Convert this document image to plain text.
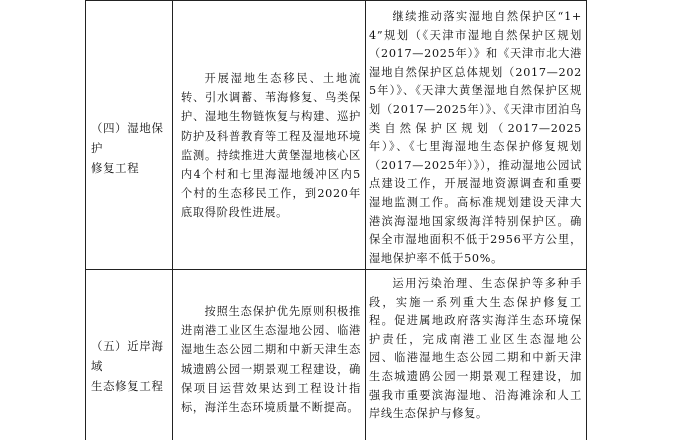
（四）湿地保护
修复工程

开展湿地生态移民、土地流转、引水调蓄、苇海修复、鸟类保护、湿地生物链恢复与构建、巡护防护及科普教育等工程及湿地环境监测。持续推进大黄堡湿地核心区内4个村和七里海湿地缓冲区内5个村的生态移民工作，到2020年底取得阶段性进展。

继续推动落实湿地自然保护区“1+4”规划（《天津市湿地自然保护区规划（2017—2025年）》和《天津市北大港湿地自然保护区总体规划（2017—2025年）》、《天津大黄堡湿地自然保护区规划（2017—2025年）》、《天津市团泊鸟类自然保护区规划（2017—2025年）》、《七里海湿地生态保护修复规划（2017—2025年）》），推动湿地公园试点建设工作，开展湿地资源调查和重要湿地监测工作。高标准规划建设天津大港滨海湿地国家级海洋特别保护区。确保全市湿地面积不低于2956平方公里，湿地保护率不低于50%。

（五）近岸海域
生态修复工程

按照生态保护优先原则积极推进南港工业区生态湿地公园、临港湿地生态公园二期和中新天津生态城遗鸥公园一期景观工程建设，确保项目运营效果达到工程设计指标，海洋生态环境质量不断提高。

运用污染治理、生态保护等多种手段，实施一系列重大生态保护修复工程。促进属地政府落实海洋生态环境保护责任，完成南港工业区生态湿地公园、临港湿地生态公园二期和中新天津生态城遗鸥公园一期景观工程建设，加强我市重要滨海湿地、沿海滩涂和人工岸线生态保护与修复。
